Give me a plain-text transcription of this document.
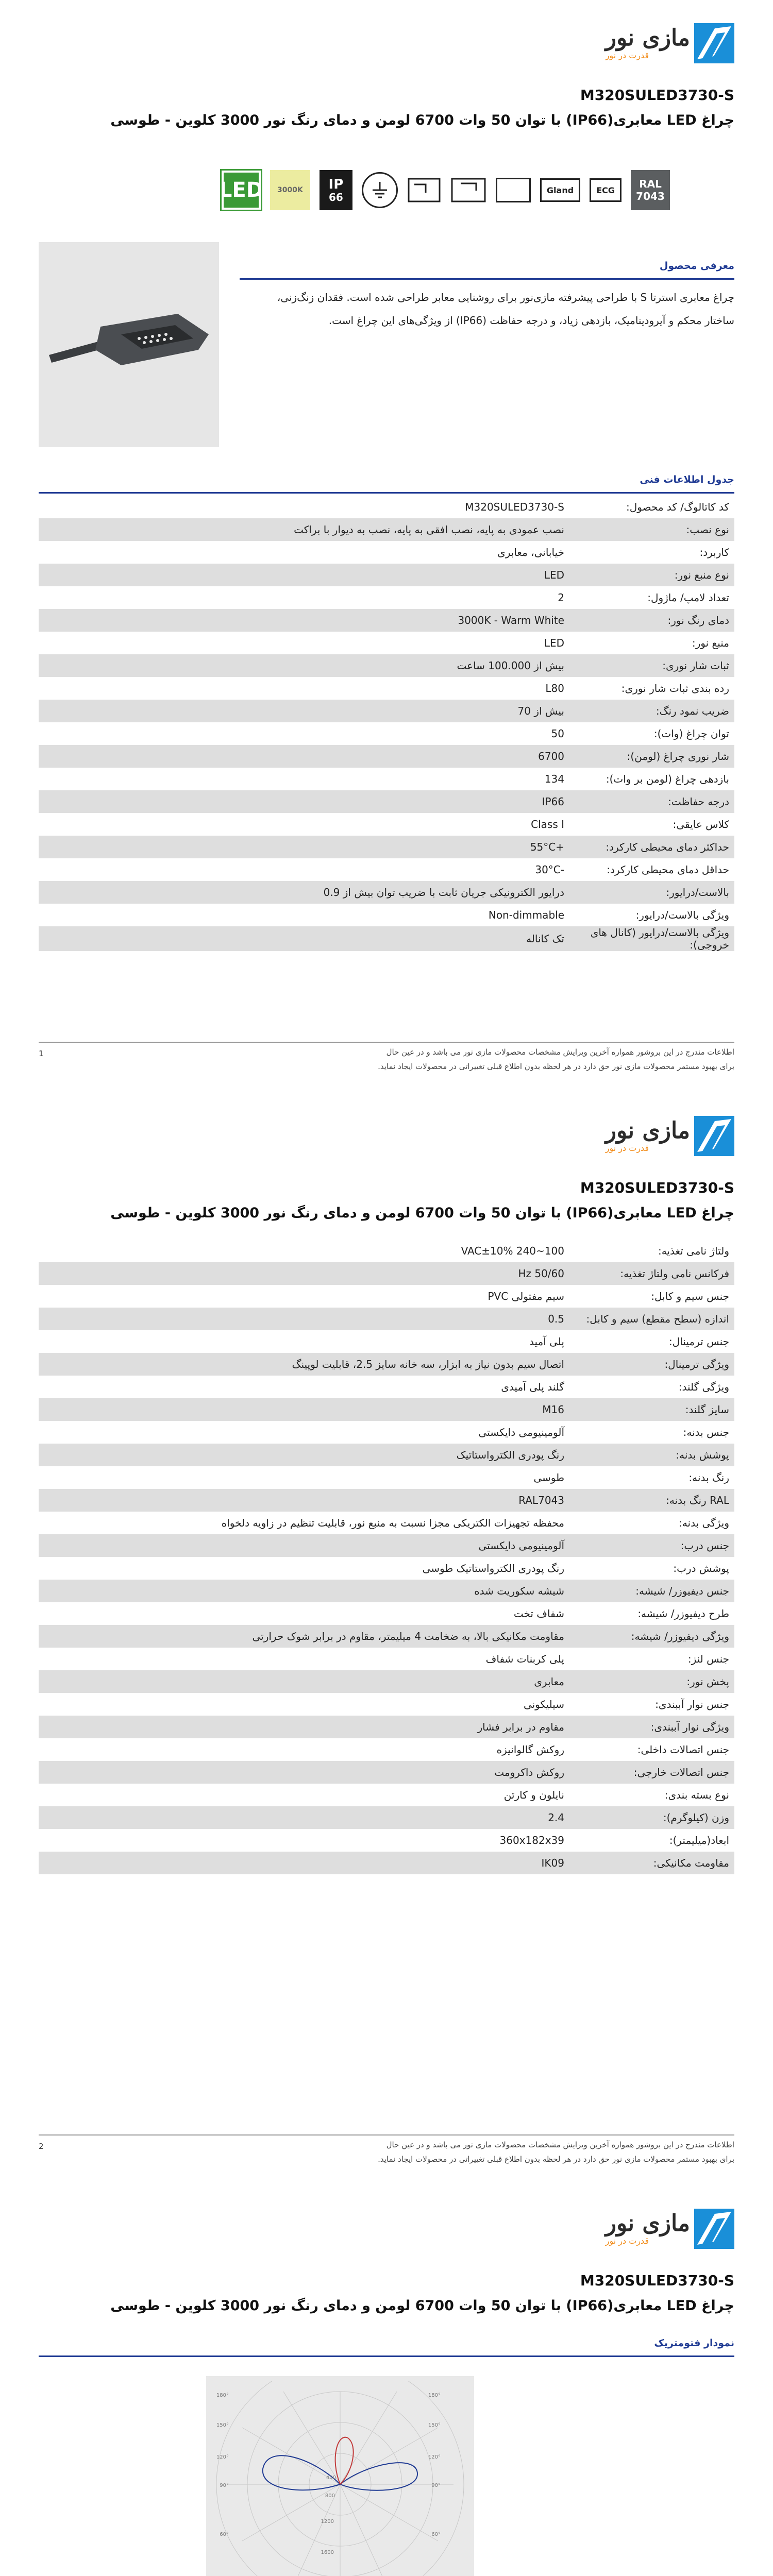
مازی نور
قدرت در نور
M320SULED3730-S
چراغ LED معابری(IP66) با توان 50 وات 6700 لومن و دمای رنگ نور 3000 کلوین - طوسی
RAL
7043
ECG
Gland
IP
66
3000K
LED
معرفی محصول
چراغ معابری استرتا S با طراحی پیشرفته مازی‌نور برای روشنایی معابر طراحی شده است. فقدان زنگ‌زنی، ساختار محکم و آیرودینامیک، بازدهی زیاد، و درجه حفاظت (IP66) از ویژگی‌های این چراغ است.
جدول اطلاعات فنی
کد کاتالوگ/ کد محصول:	M320SULED3730-S
نوع نصب:	نصب عمودی به پایه، نصب افقی به پایه، نصب به دیوار با براکت
کاربرد:	خیابانی، معابری
نوع منبع نور:	LED
تعداد لامپ/ ماژول:	2
دمای رنگ نور:	3000K - Warm White
منبع نور:	LED
ثبات شار نوری:	بیش از 100.000 ساعت
رده بندی ثبات شار نوری:	L80
ضریب نمود رنگ:	بیش از 70
توان چراغ (وات):	50
شار نوری چراغ (لومن):	6700
بازدهی چراغ (لومن بر وات):	134
درجه حفاظت:	IP66
کلاس عایقی:	Class I
حداکثر دمای محیطی کارکرد:	+55°C
حداقل دمای محیطی کارکرد:	-30°C
بالاست/درایور:	درایور الکترونیکی جریان ثابت با ضریب توان بیش از 0.9
ویژگی بالاست/درایور:	Non-dimmable
ویژگی بالاست/درایور (کانال های خروجی):	تک کاناله
اطلاعات مندرج در این بروشور همواره آخرین ویرایش مشخصات محصولات مازی نور می باشد و در عین حال
برای بهبود مستمر محصولات مازی نور حق دارد در هر لحظه بدون اطلاع قبلی تغییراتی در محصولات ایجاد نماید.
1
مازی نور
قدرت در نور
M320SULED3730-S
چراغ LED معابری(IP66) با توان 50 وات 6700 لومن و دمای رنگ نور 3000 کلوین - طوسی
ولتاژ نامی تغذیه:	100~240 VAC±10%
فرکانس نامی ولتاژ تغذیه:	50/60 Hz
جنس سیم و کابل:	سیم مفتولی PVC
اندازه (سطح مقطع) سیم و کابل:	0.5
جنس ترمینال:	پلی آمید
ویژگی ترمینال:	اتصال سیم بدون نیاز به ابزار، سه خانه سایز 2.5، قابلیت لوپینگ
ویژگی گلند:	گلند پلی آمیدی
سایز گلند:	M16
جنس بدنه:	آلومینیومی دایکستی
پوشش بدنه:	رنگ پودری الکترواستاتیک
رنگ بدنه:	طوسی
RAL رنگ بدنه:	RAL7043
ویژگی بدنه:	محفظه تجهیزات الکتریکی مجزا نسبت به منبع نور، قابلیت تنظیم در زاویه دلخواه
جنس درب:	آلومینیومی دایکستی
پوشش درب:	رنگ پودری الکترواستاتیک طوسی
جنس دیفیوزر/ شیشه:	شیشه سکوریت شده
طرح دیفیوزر/ شیشه:	شفاف تخت
ویژگی دیفیوزر/ شیشه:	مقاومت مکانیکی بالا، به ضخامت 4 میلیمتر، مقاوم در برابر شوک حرارتی
جنس لنز:	پلی کربنات شفاف
پخش نور:	معابری
جنس نوار آببندی:	سیلیکونی
ویژگی نوار آببندی:	مقاوم در برابر فشار
جنس اتصالات داخلی:	روکش گالوانیزه
جنس اتصالات خارجی:	روکش داکرومت
نوع بسته بندی:	نایلون و کارتن
وزن (کیلوگرم):	2.4
ابعاد(میلیمتر):	360x182x39
مقاومت مکانیکی:	IK09
اطلاعات مندرج در این بروشور همواره آخرین ویرایش مشخصات محصولات مازی نور می باشد و در عین حال
برای بهبود مستمر محصولات مازی نور حق دارد در هر لحظه بدون اطلاع قبلی تغییراتی در محصولات ایجاد نماید.
2
مازی نور
قدرت در نور
M320SULED3730-S
چراغ LED معابری(IP66) با توان 50 وات 6700 لومن و دمای رنگ نور 3000 کلوین - طوسی
نمودار فتومتریک
180°
150°
120°
90°
60°
180°
150°
120°
90°
60°
1200
1600
800
400
